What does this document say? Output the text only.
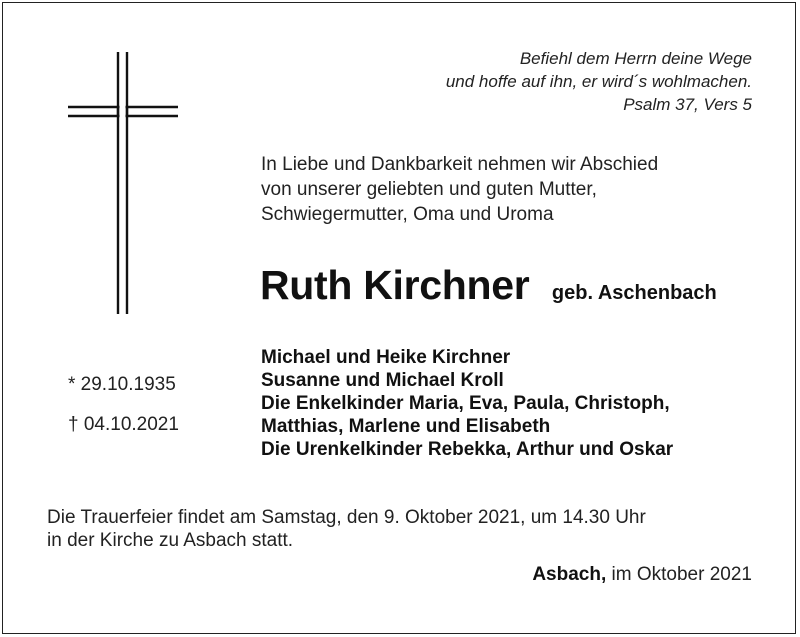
Befiehl dem Herrn deine Wege
und hoffe auf ihn, er wird´s wohlmachen.
Psalm 37, Vers 5
In Liebe und Dankbarkeit nehmen wir Abschied
von unserer geliebten und guten Mutter,
Schwiegermutter, Oma und Uroma
Ruth Kirchner geb. Aschenbach
* 29.10.1935
† 04.10.2021
Michael und Heike Kirchner
Susanne und Michael Kroll
Die Enkelkinder Maria, Eva, Paula, Christoph,
Matthias, Marlene und Elisabeth
Die Urenkelkinder Rebekka, Arthur und Oskar
Die Trauerfeier findet am Samstag, den 9. Oktober 2021, um 14.30 Uhr
in der Kirche zu Asbach statt.
Asbach, im Oktober 2021
